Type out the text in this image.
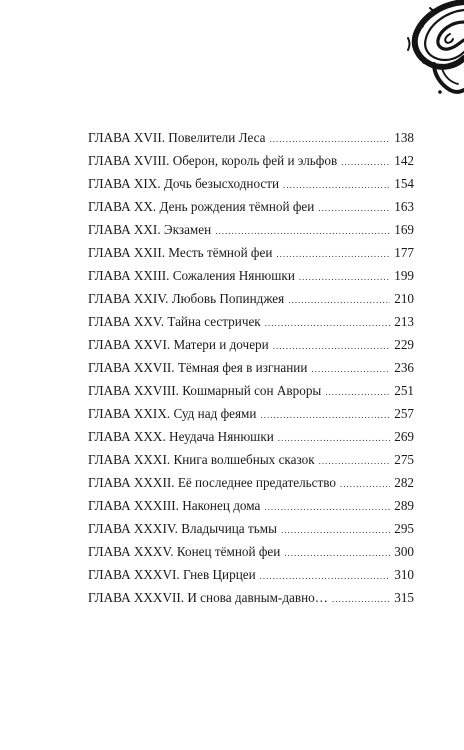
ГЛАВА XVII. Повелители Леса .....	138
ГЛАВА XVIII. Оберон, король фей и эльфов .....	142
ГЛАВА XIX. Дочь безысходности .....	154
ГЛАВА XX. День рождения тёмной феи .....	163
ГЛАВА XXI. Экзамен .....	169
ГЛАВА XXII. Месть тёмной феи .....	177
ГЛАВА XXIII. Сожаления Нянюшки .....	199
ГЛАВА XXIV. Любовь Попинджея .....	210
ГЛАВА XXV. Тайна сестричек .....	213
ГЛАВА XXVI. Матери и дочери .....	229
ГЛАВА XXVII. Тёмная фея в изгнании .....	236
ГЛАВА XXVIII. Кошмарный сон Авроры .....	251
ГЛАВА XXIX. Суд над феями .....	257
ГЛАВА XXX. Неудача Нянюшки .....	269
ГЛАВА XXXI. Книга волшебных сказок .....	275
ГЛАВА XXXII. Её последнее предательство .....	282
ГЛАВА XXXIII. Наконец дома .....	289
ГЛАВА XXXIV. Владычица тьмы .....	295
ГЛАВА XXXV. Конец тёмной феи .....	300
ГЛАВА XXXVI. Гнев Цирцеи .....	310
ГЛАВА XXXVII. И снова давным-давно… .....	315
